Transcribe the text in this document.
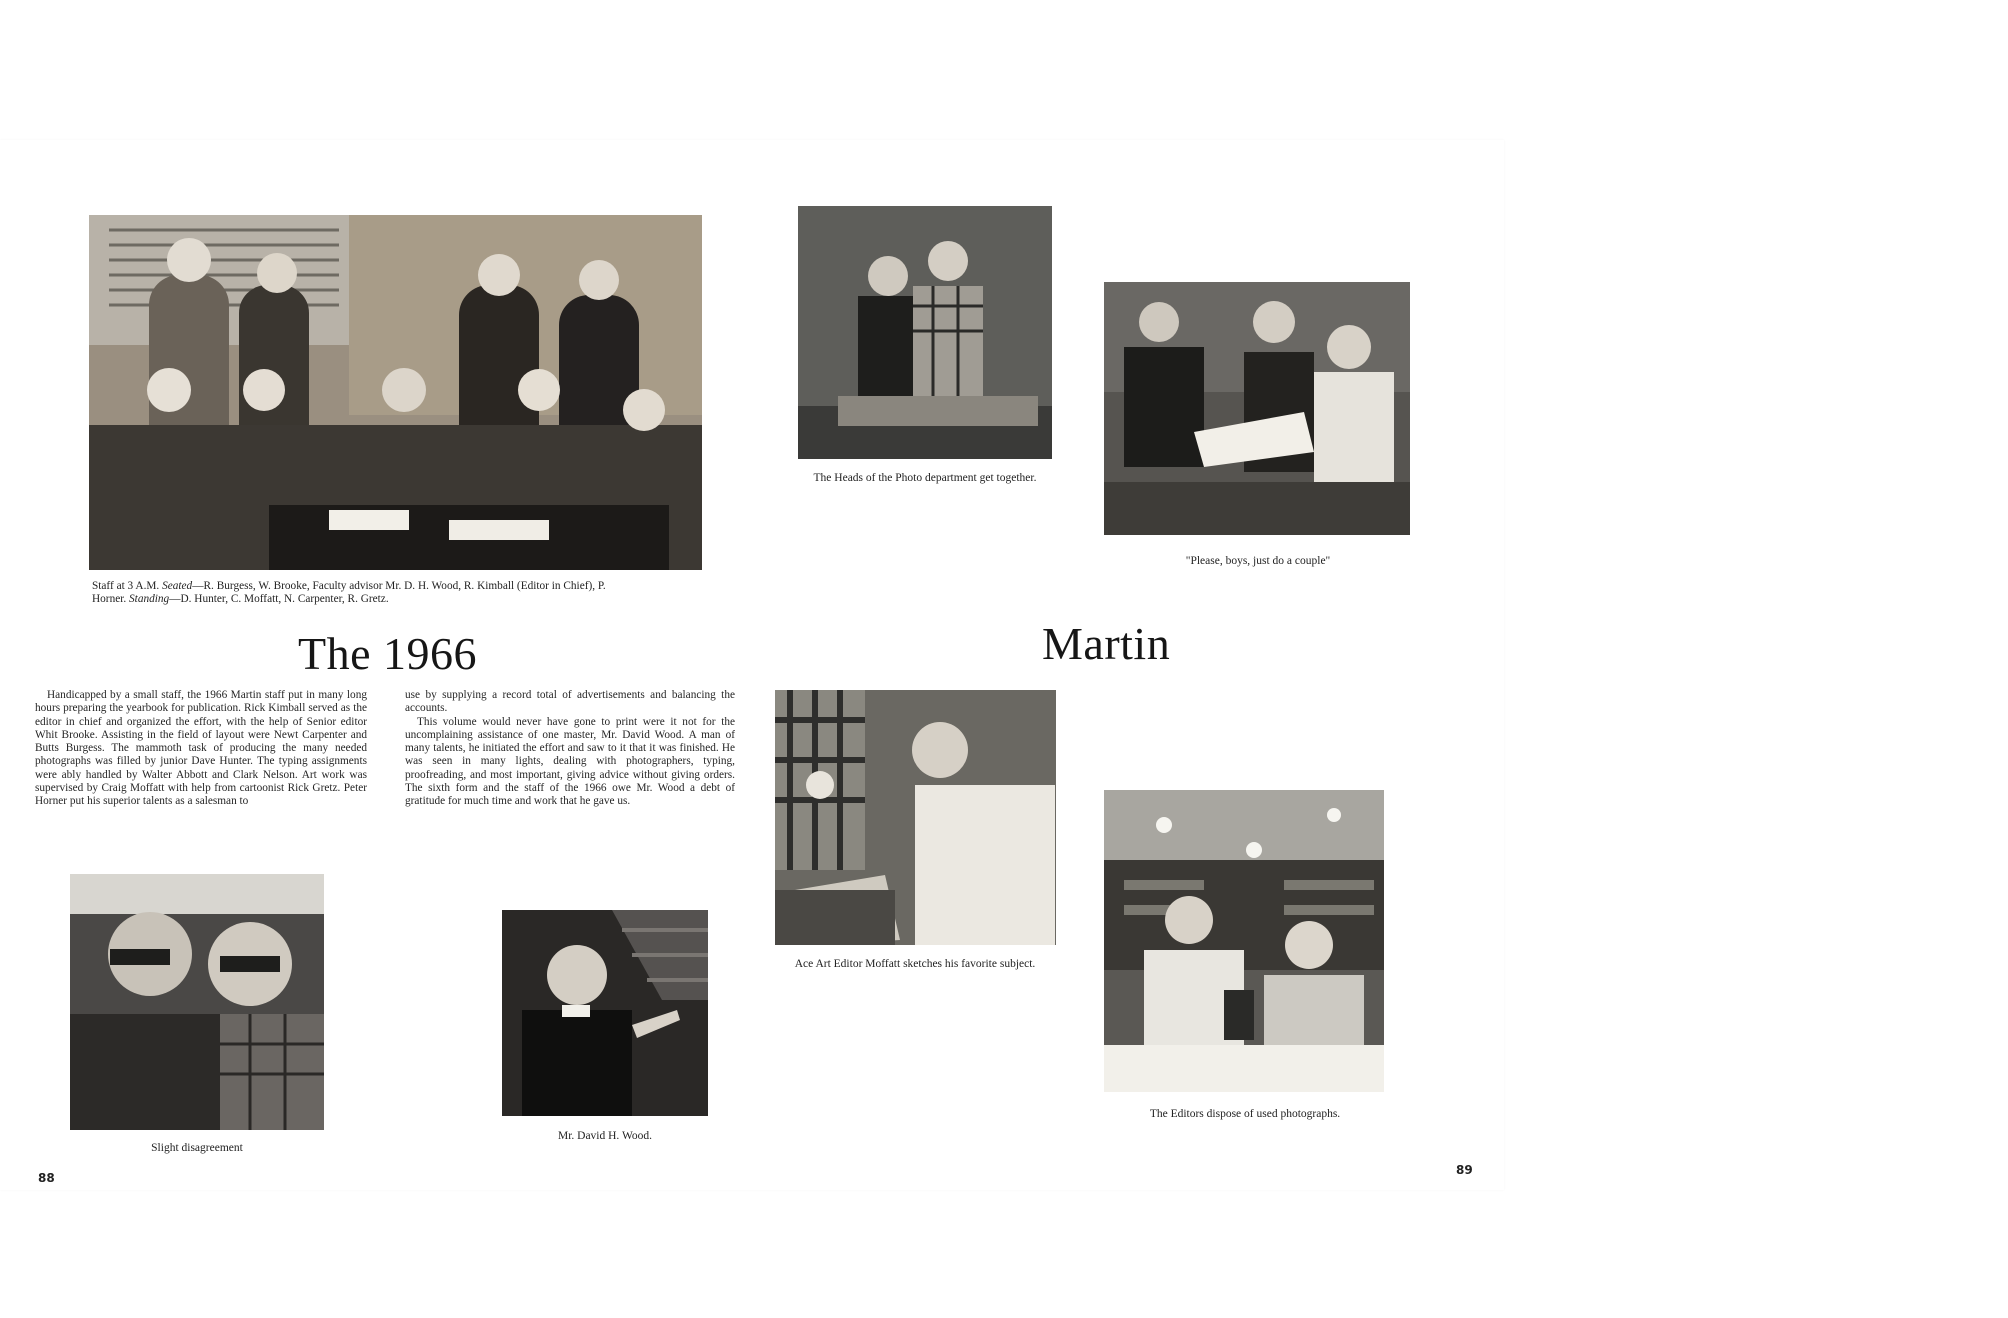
Staff at 3 A.M. Seated—R. Burgess, W. Brooke, Faculty advisor Mr. D. H. Wood, R. Kimball (Editor in Chief), P.
Horner. Standing—D. Hunter, C. Moffatt, N. Carpenter, R. Gretz.
The Heads of the Photo department get together.
"Please, boys, just do a couple"
The 1966	Martin

Handicapped by a small staff, the 1966 Martin staff put in many long hours preparing the yearbook for publication. Rick Kimball served as the editor in chief and organized the effort, with the help of Senior editor Whit Brooke. Assisting in the field of layout were Newt Carpenter and Butts Burgess. The mammoth task of producing the many needed photographs was filled by junior Dave Hunter. The typing assignments were ably handled by Walter Abbott and Clark Nelson. Art work was supervised by Craig Moffatt with help from cartoonist Rick Gretz. Peter Horner put his superior talents as a salesman to

use by supplying a record total of advertisements and balancing the accounts.

This volume would never have gone to print were it not for the uncomplaining assistance of one master, Mr. David Wood. A man of many talents, he initiated the effort and saw to it that it was finished. He was seen in many lights, dealing with photographers, typing, proofreading, and most important, giving advice without giving orders. The sixth form and the staff of the 1966 owe Mr. Wood a debt of gratitude for much time and work that he gave us.

Ace Art Editor Moffatt sketches his favorite subject.
The Editors dispose of used photographs.
Slight disagreement
Mr. David H. Wood.
88
89
